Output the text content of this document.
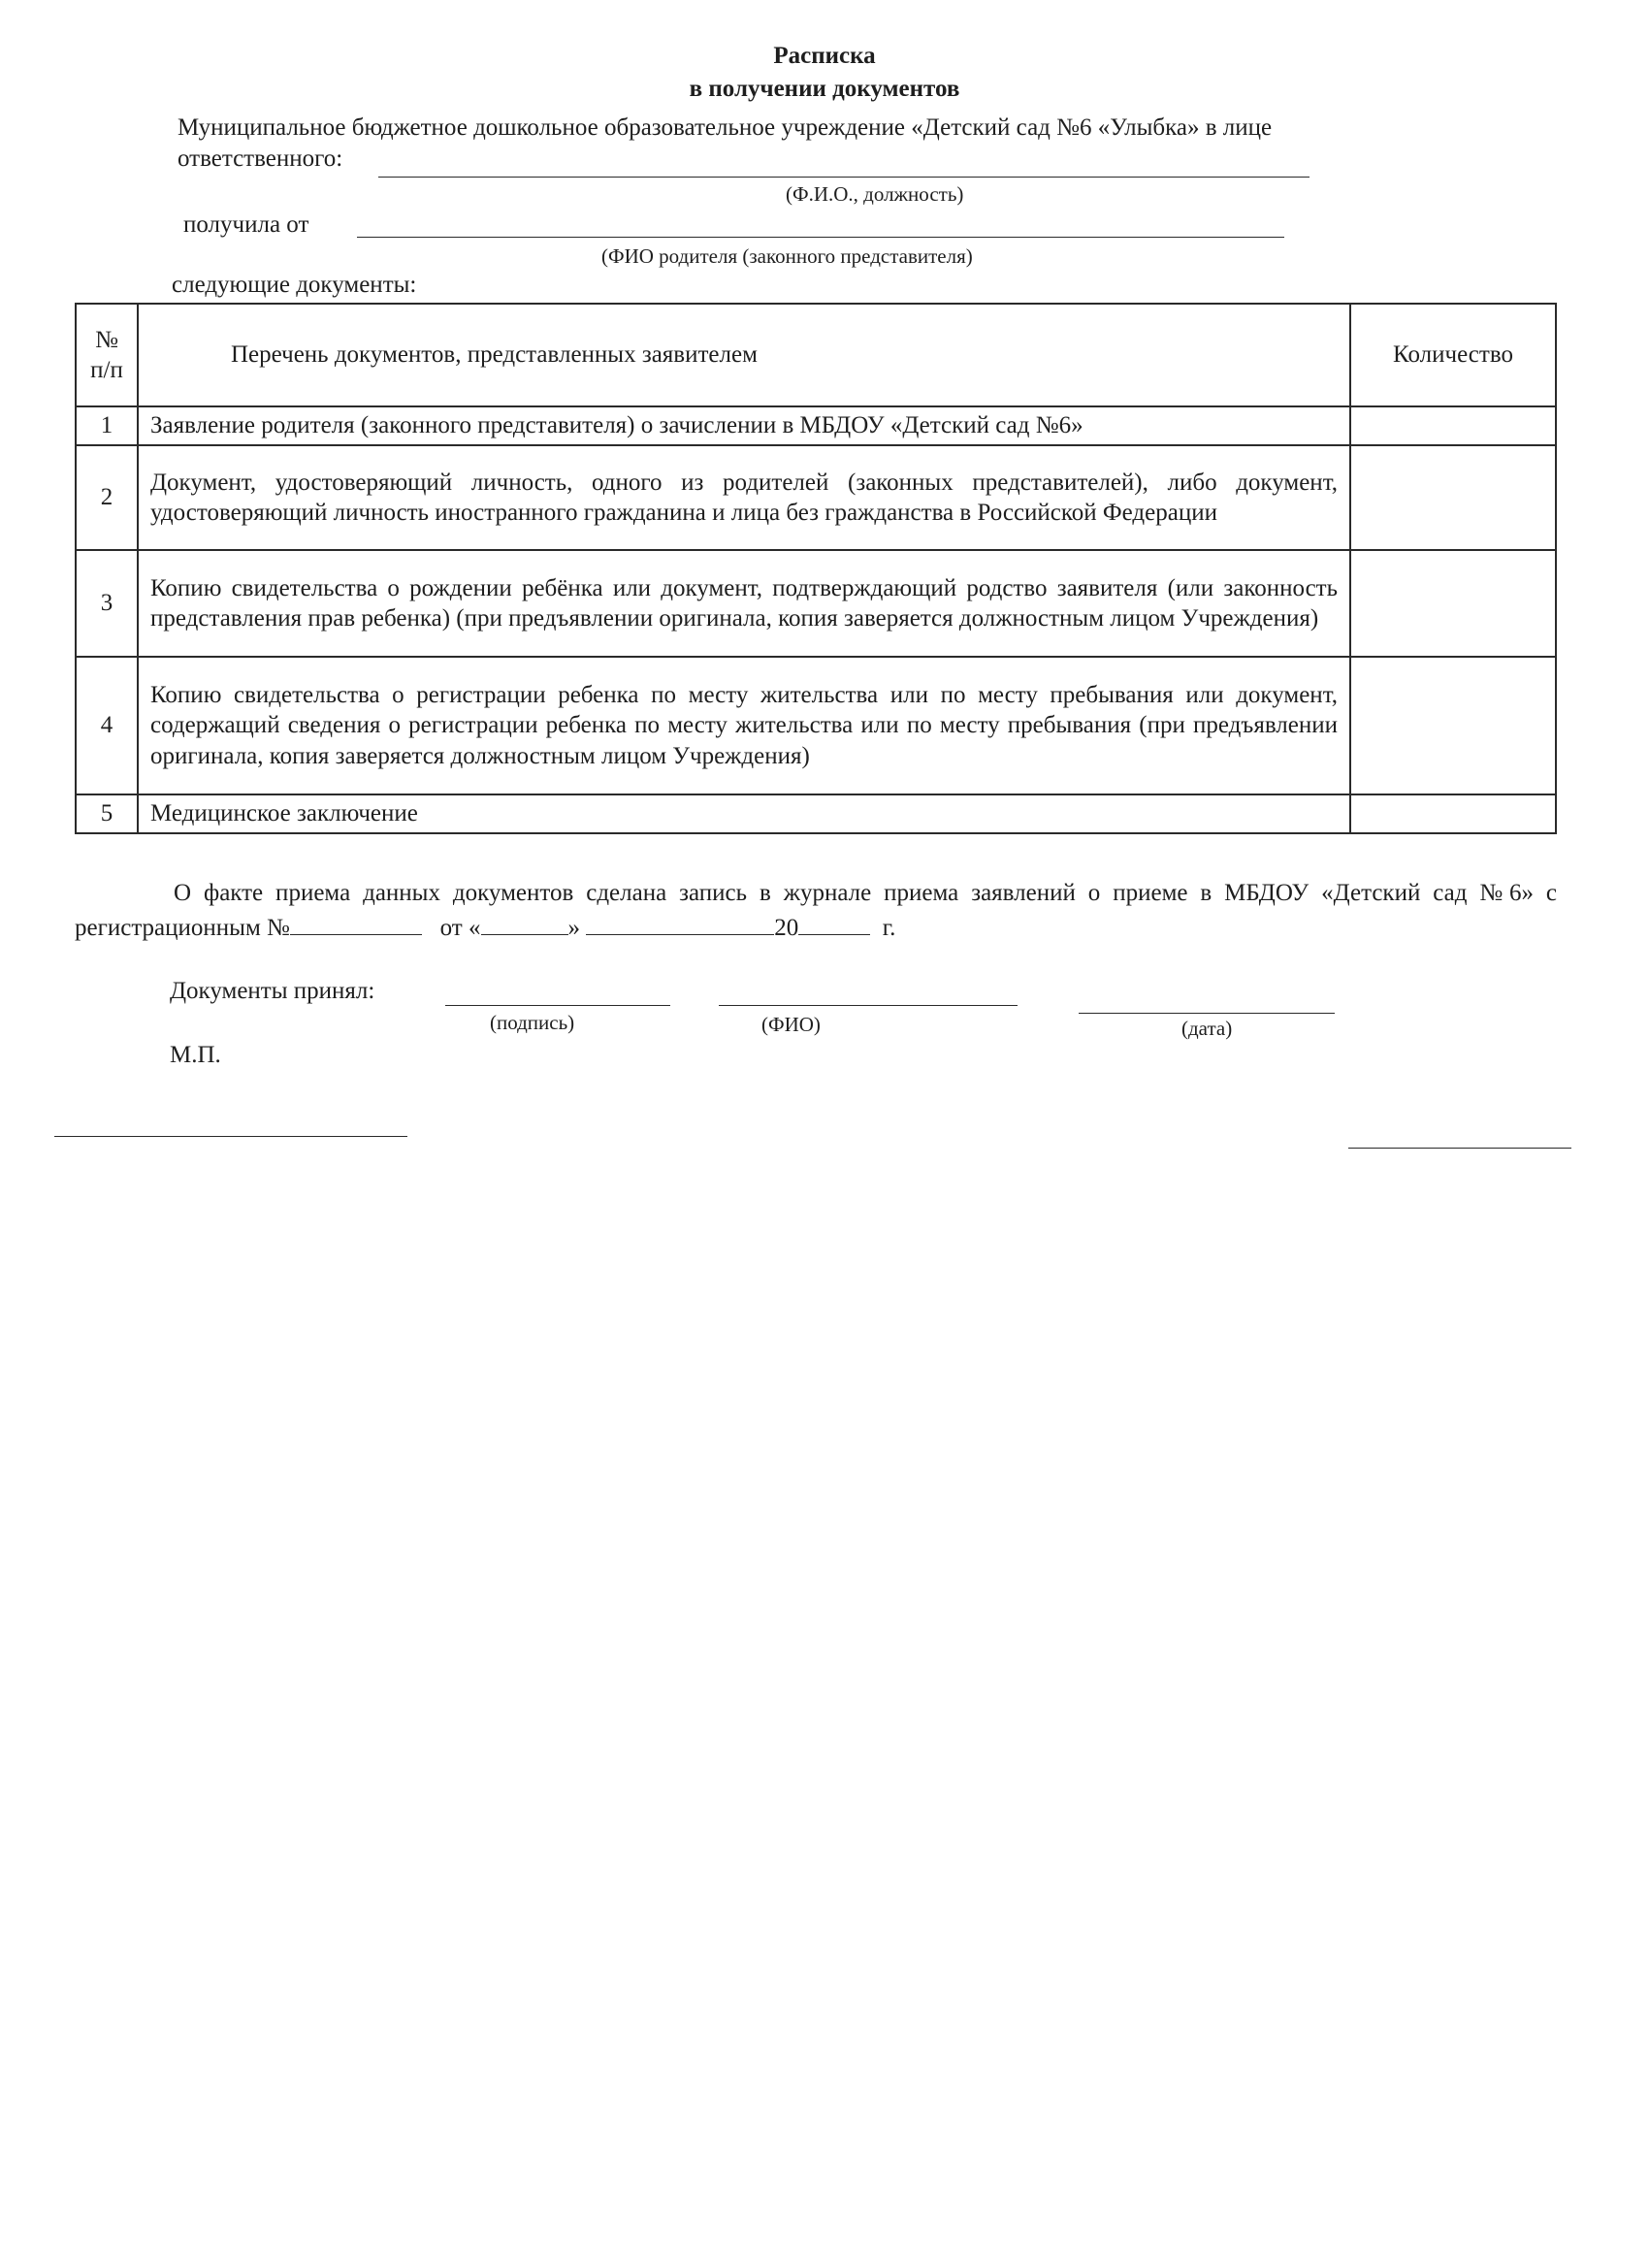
Расписка
в получении документов
Муниципальное бюджетное дошкольное образовательное учреждение «Детский сад №6 «Улыбка» в лице
ответственного:
(Ф.И.О., должность)
получила от
(ФИО родителя (законного представителя)
следующие документы:
№
п/п	Перечень документов, представленных заявителем	Количество
1	Заявление родителя (законного представителя) о зачислении в МБДОУ «Детский сад №6»	
2	Документ, удостоверяющий личность, одного из родителей (законных представителей), либо документ, удостоверяющий личность иностранного гражданина и лица без гражданства в Российской Федерации	
3	Копию свидетельства о рождении ребёнка или документ, подтверждающий родство заявителя (или законность представления прав ребенка) (при предъявлении оригинала, копия заверяется должностным лицом Учреждения)	
4	Копию свидетельства о регистрации ребенка по месту жительства или по месту пребывания или документ, содержащий сведения о регистрации ребенка по месту жительства или по месту пребывания (при предъявлении оригинала, копия заверяется должностным лицом Учреждения)	
5	Медицинское заключение	
О факте приема данных документов сделана запись в журнале приема заявлений о приеме в МБДОУ «Детский сад №6» с регистрационным №	от «	»	20	г.
Документы принял:
(подпись)	(ФИО)	(дата)
М.П.
